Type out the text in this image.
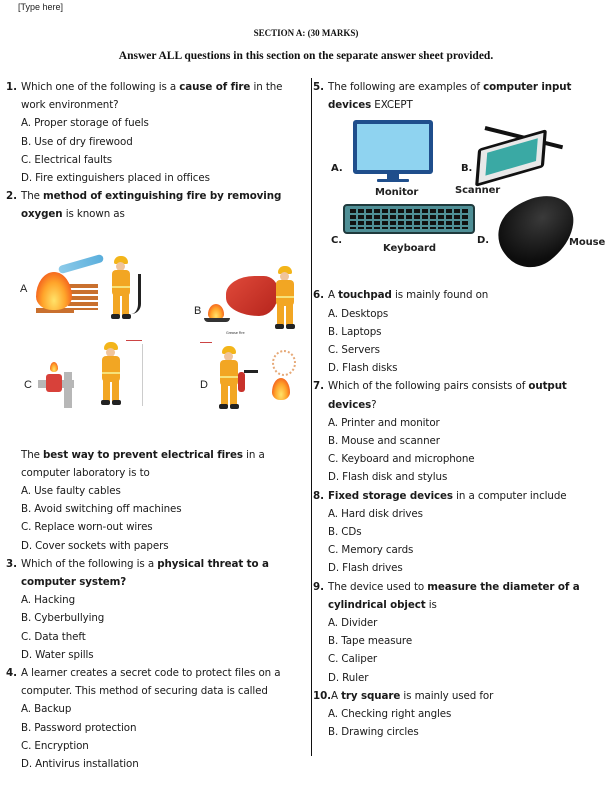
[Type here]
SECTION A: (30 MARKS)
Answer ALL questions in this section on the separate answer sheet provided.
1. Which one of the following is a cause of fire in the work environment?
A. Proper storage of fuels
B. Use of dry firewood
C. Electrical faults
D. Fire extinguishers placed in offices
2. The method of extinguishing fire by removing oxygen is known as
A
B
Grease Fire
C	D
The best way to prevent electrical fires in a computer laboratory is to
A. Use faulty cables
B. Avoid switching off machines
C. Replace worn-out wires
D. Cover sockets with papers
3. Which of the following is a physical threat to a computer system?
A. Hacking
B. Cyberbullying
C. Data theft
D. Water spills
4. A learner creates a secret code to protect files on a computer. This method of securing data is called
A. Backup
B. Password protection
C. Encryption
D. Antivirus installation
5. The following are examples of computer input devices EXCEPT
A.
Monitor
B.
Scanner
C.
Keyboard
D.	Mouse
6. A touchpad is mainly found on
A. Desktops
B. Laptops
C. Servers
D. Flash disks
7. Which of the following pairs consists of output devices?
A. Printer and monitor
B. Mouse and scanner
C. Keyboard and microphone
D. Flash disk and stylus
8. Fixed storage devices in a computer include
A. Hard disk drives
B. CDs
C. Memory cards
D. Flash drives
9. The device used to measure the diameter of a cylindrical object is
A. Divider
B. Tape measure
C. Caliper
D. Ruler
10.A try square is mainly used for
A. Checking right angles
B. Drawing circles
